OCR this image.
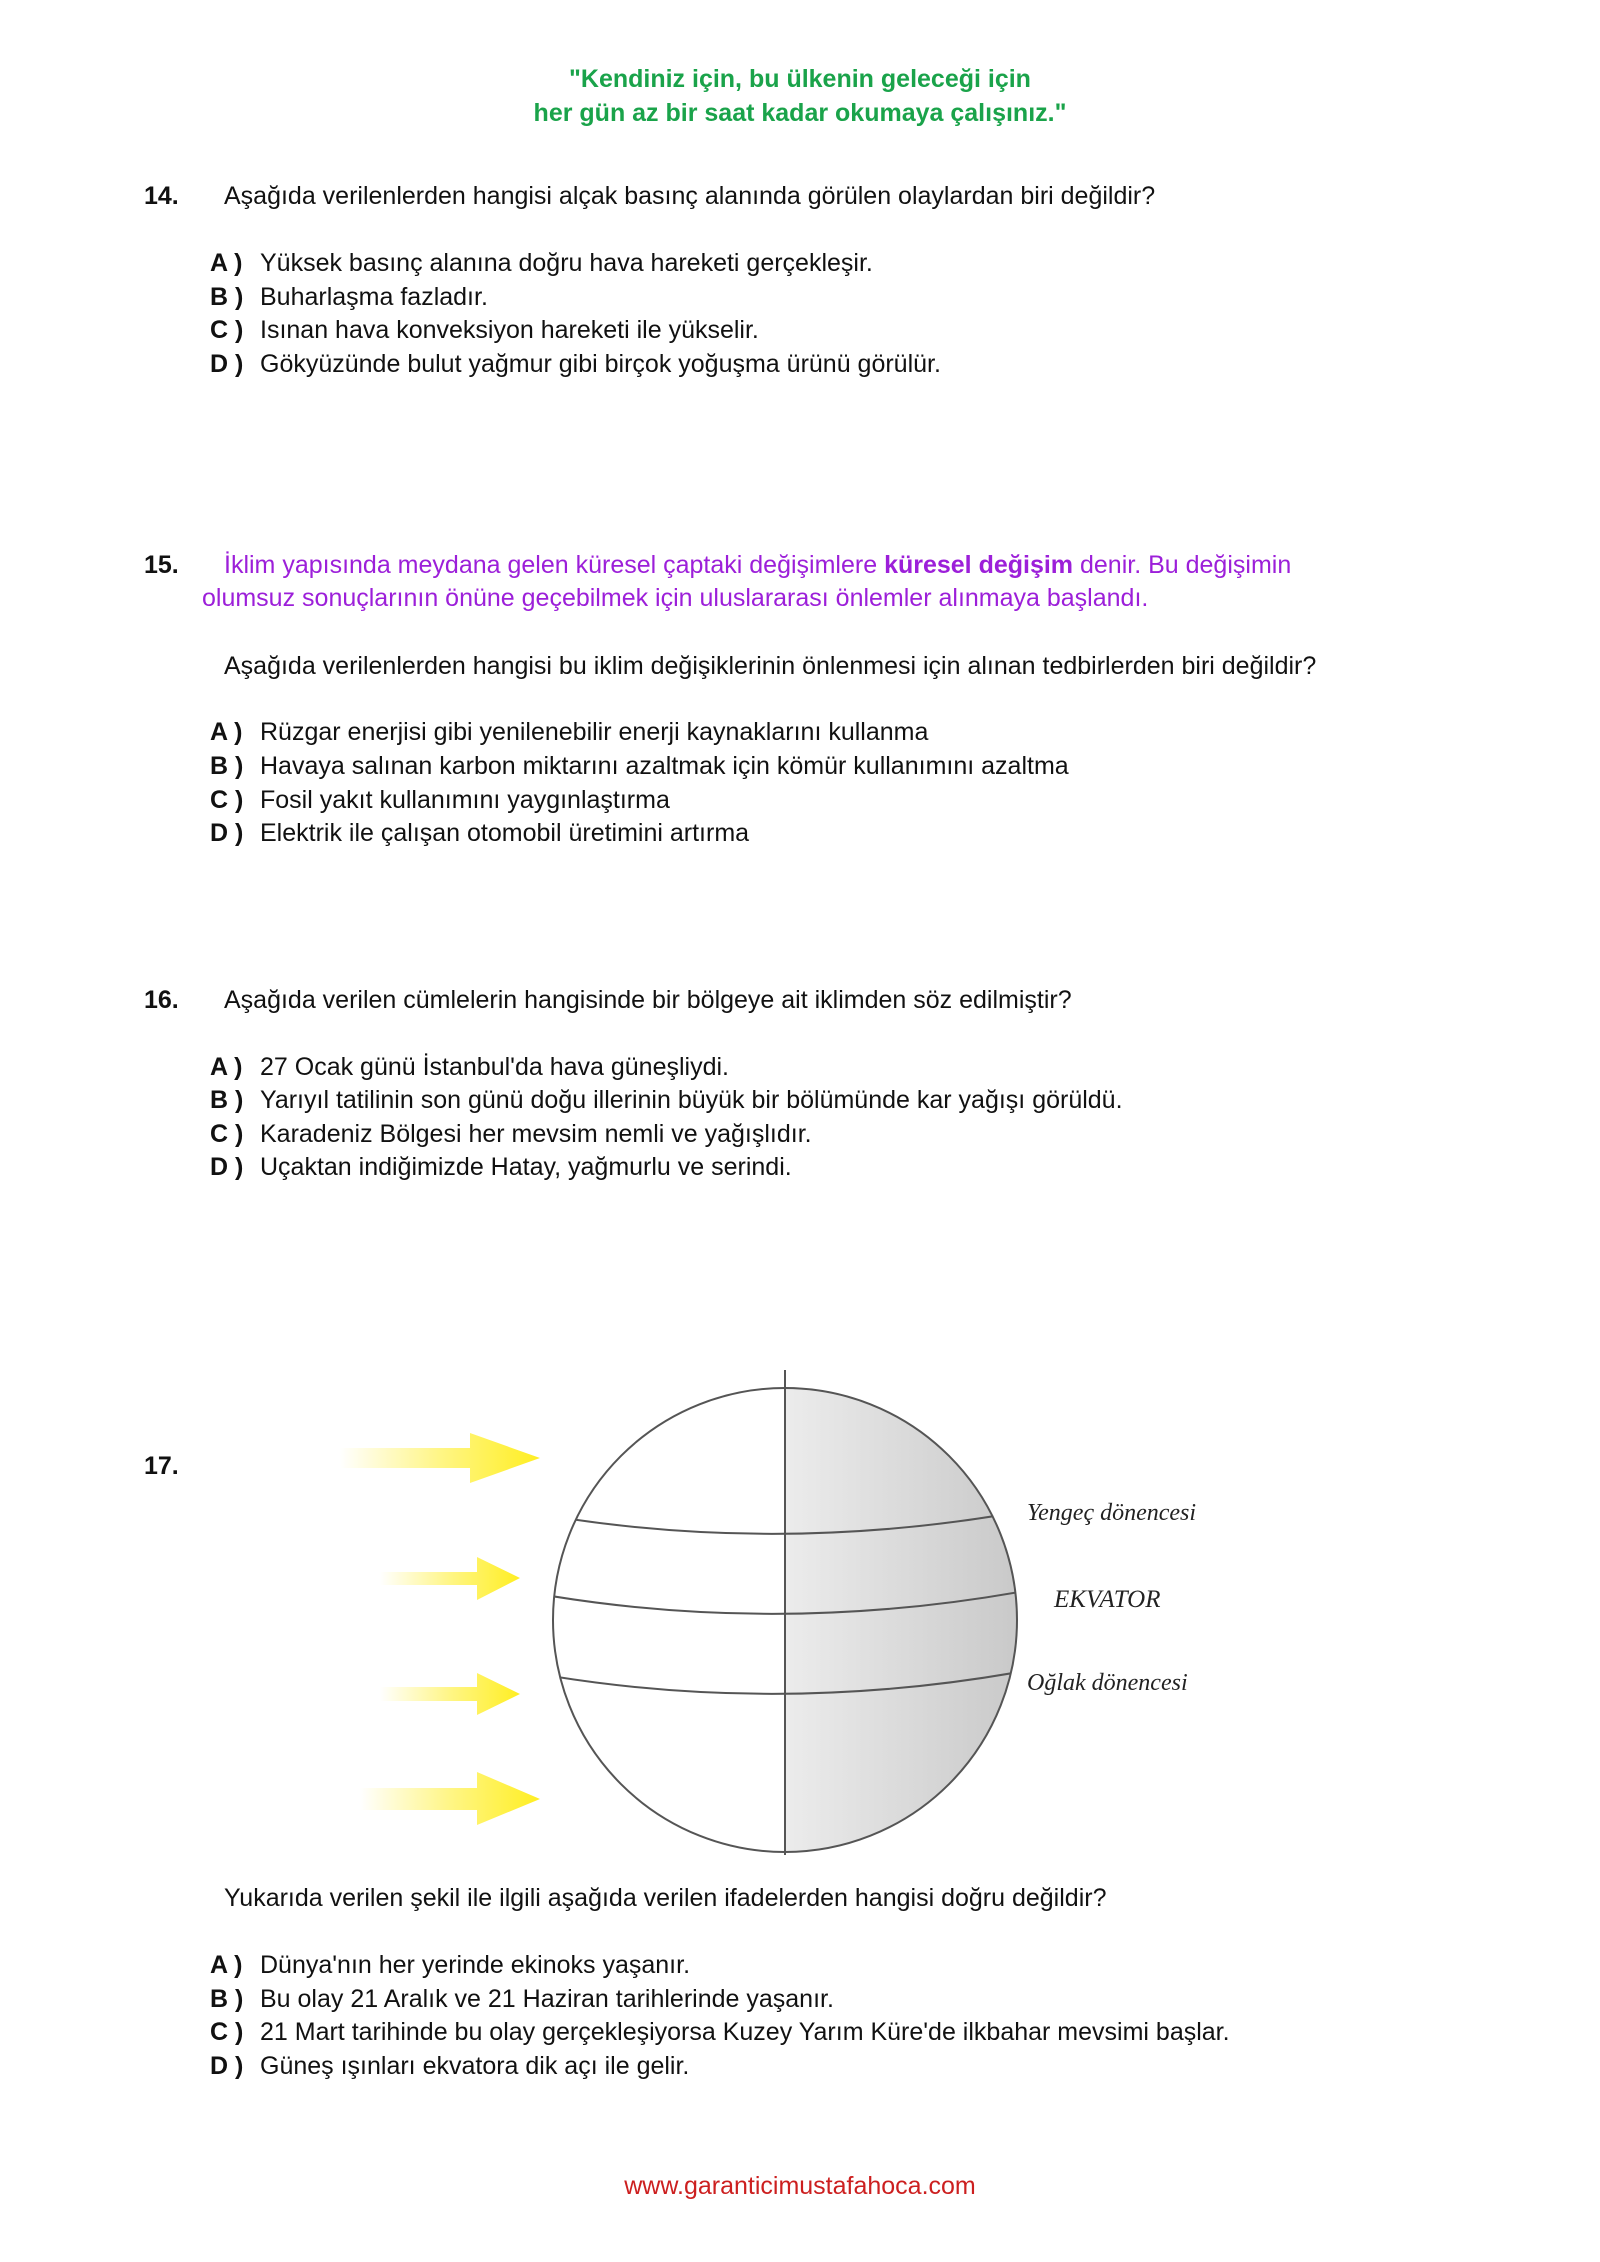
"Kendiniz için, bu ülkenin geleceği için
her gün az bir saat kadar okumaya çalışınız."
14. Aşağıda verilenlerden hangisi alçak basınç alanında görülen olaylardan biri değildir?
A ) Yüksek basınç alanına doğru hava hareketi gerçekleşir.
B ) Buharlaşma fazladır.
C ) Isınan hava konveksiyon hareketi ile yükselir.
D ) Gökyüzünde bulut yağmur gibi birçok yoğuşma ürünü görülür.
15. İklim yapısında meydana gelen küresel çaptaki değişimlere küresel değişim denir. Bu değişimin
olumsuz sonuçlarının önüne geçebilmek için uluslararası önlemler alınmaya başlandı.
Aşağıda verilenlerden hangisi bu iklim değişiklerinin önlenmesi için alınan tedbirlerden biri değildir?
A ) Rüzgar enerjisi gibi yenilenebilir enerji kaynaklarını kullanma
B ) Havaya salınan karbon miktarını azaltmak için kömür kullanımını azaltma
C ) Fosil yakıt kullanımını yaygınlaştırma
D ) Elektrik ile çalışan otomobil üretimini artırma
16. Aşağıda verilen cümlelerin hangisinde bir bölgeye ait iklimden söz edilmiştir?
A ) 27 Ocak günü İstanbul'da hava güneşliydi.
B ) Yarıyıl tatilinin son günü doğu illerinin büyük bir bölümünde kar yağışı görüldü.
C ) Karadeniz Bölgesi her mevsim nemli ve yağışlıdır.
D ) Uçaktan indiğimizde Hatay, yağmurlu ve serindi.
17.
Yengeç dönencesi
EKVATOR
Oğlak dönencesi
Yukarıda verilen şekil ile ilgili aşağıda verilen ifadelerden hangisi doğru değildir?
A ) Dünya'nın her yerinde ekinoks yaşanır.
B ) Bu olay 21 Aralık ve 21 Haziran tarihlerinde yaşanır.
C ) 21 Mart tarihinde bu olay gerçekleşiyorsa Kuzey Yarım Küre'de ilkbahar mevsimi başlar.
D ) Güneş ışınları ekvatora dik açı ile gelir.
www.garanticimustafahoca.com
